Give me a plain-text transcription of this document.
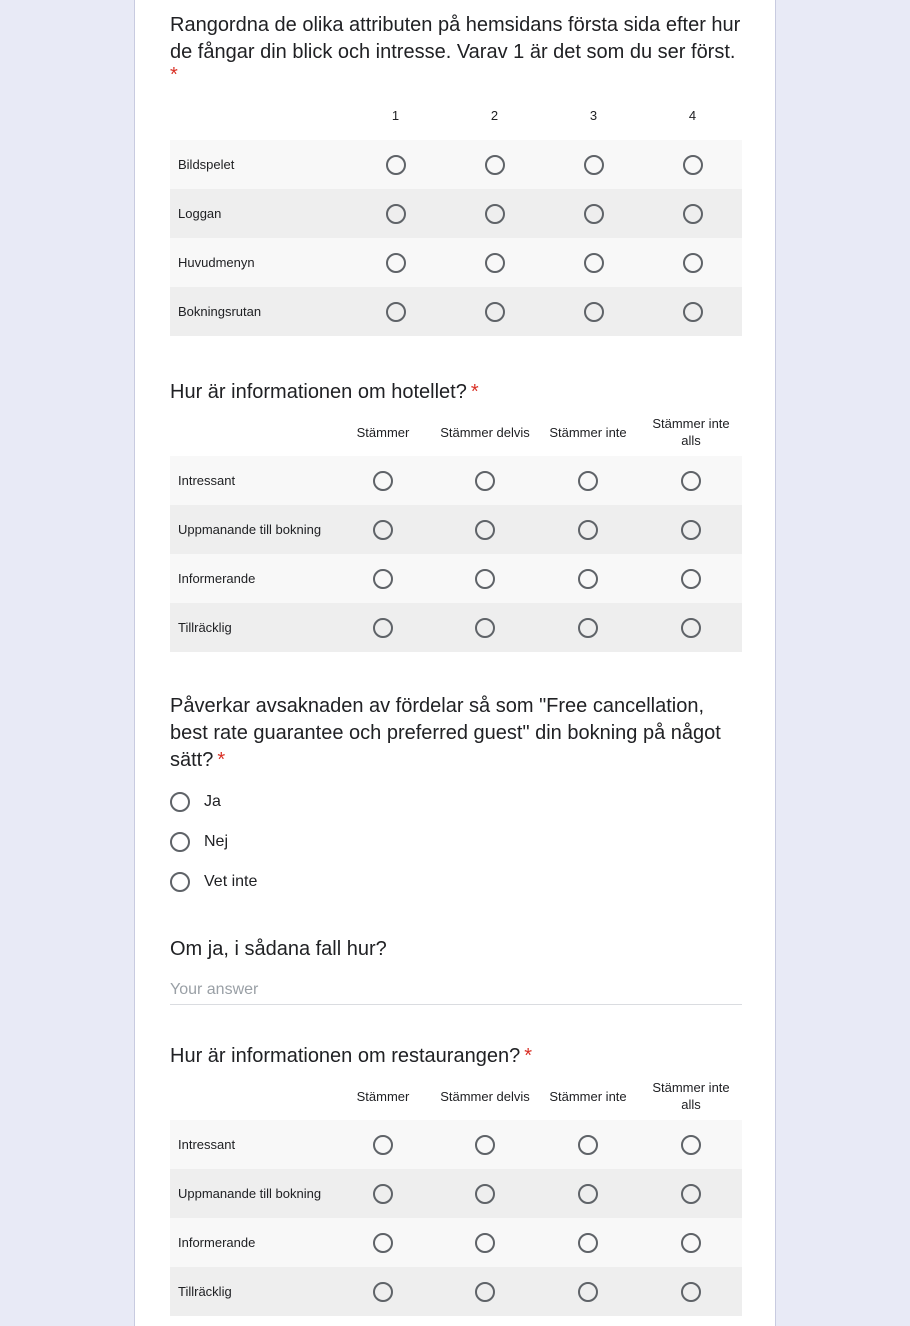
Rangordna de olika attributen på hemsidans första sida efter hur de fångar din blick och intresse. Varav 1 är det som du ser först.
*

	1	2	3	4
Bildspelet				
Loggan				
Huvudmenyn				
Bokningsrutan				

Hur är informationen om hotellet? *

	Stämmer	Stämmer delvis	Stämmer inte	Stämmer inte alls
Intressant				
Uppmanande till bokning				
Informerande				
Tillräcklig				

Påverkar avsaknaden av fördelar så som "Free cancellation, best rate guarantee och preferred guest" din bokning på något sätt? *

Ja
Nej
Vet inte

Om ja, i sådana fall hur?

Your answer

Hur är informationen om restaurangen? *

	Stämmer	Stämmer delvis	Stämmer inte	Stämmer inte alls
Intressant				
Uppmanande till bokning				
Informerande				
Tillräcklig				
